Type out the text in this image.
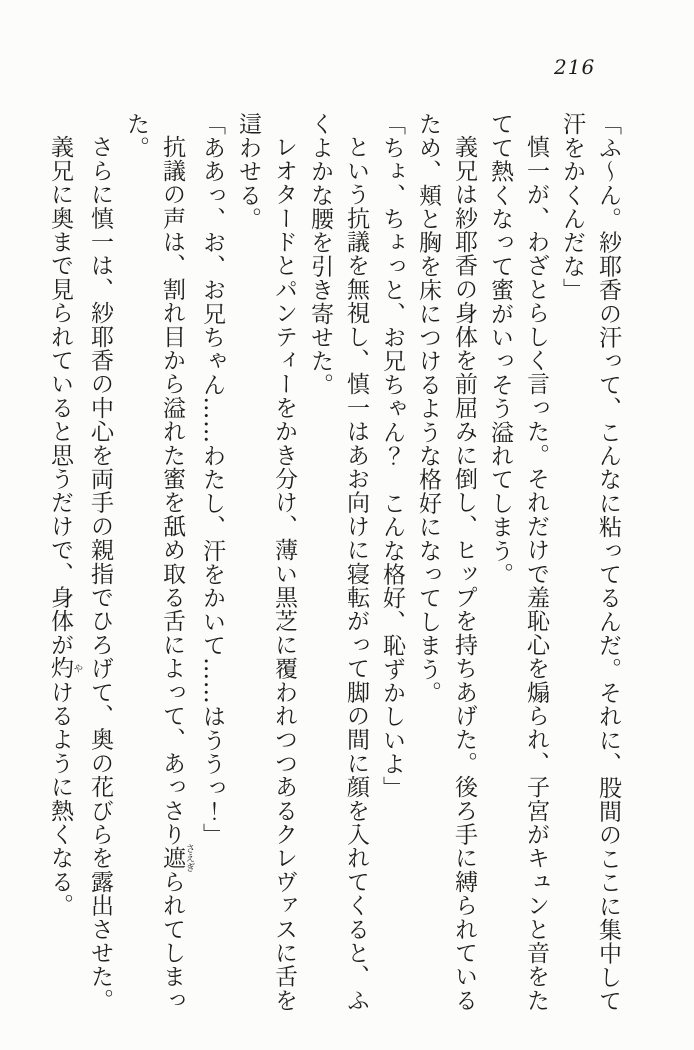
216

「ふ〜ん。紗耶香の汗って、こんなに粘ってるんだ。それに、股間のここに集中して汗をかくんだな」

慎一が、わざとらしく言った。それだけで羞恥心を煽られ、子宮がキュンと音をたてて熱くなって蜜がいっそう溢れてしまう。

義兄は紗耶香の身体を前屈みに倒し、ヒップを持ちあげた。後ろ手に縛られているため、頬と胸を床につけるような格好になってしまう。

「ちょ、ちょっと、お兄ちゃん？　こんな格好、恥ずかしいよ」

という抗議を無視し、慎一はあお向けに寝転がって脚の間に顔を入れてくると、ふくよかな腰を引き寄せた。

レオタードとパンティーをかき分け、薄い黒芝に覆われつつあるクレヴァスに舌を這わせる。

「ああっ、お、お兄ちゃん……わたし、汗をかいて……はううっ！」

抗議の声は、割れ目から溢れた蜜を舐め取る舌によって、あっさり遮さえぎられてしまった。

さらに慎一は、紗耶香の中心を両手の親指でひろげて、奥の花びらを露出させた。

義兄に奥まで見られていると思うだけで、身体が灼やけるように熱くなる。
